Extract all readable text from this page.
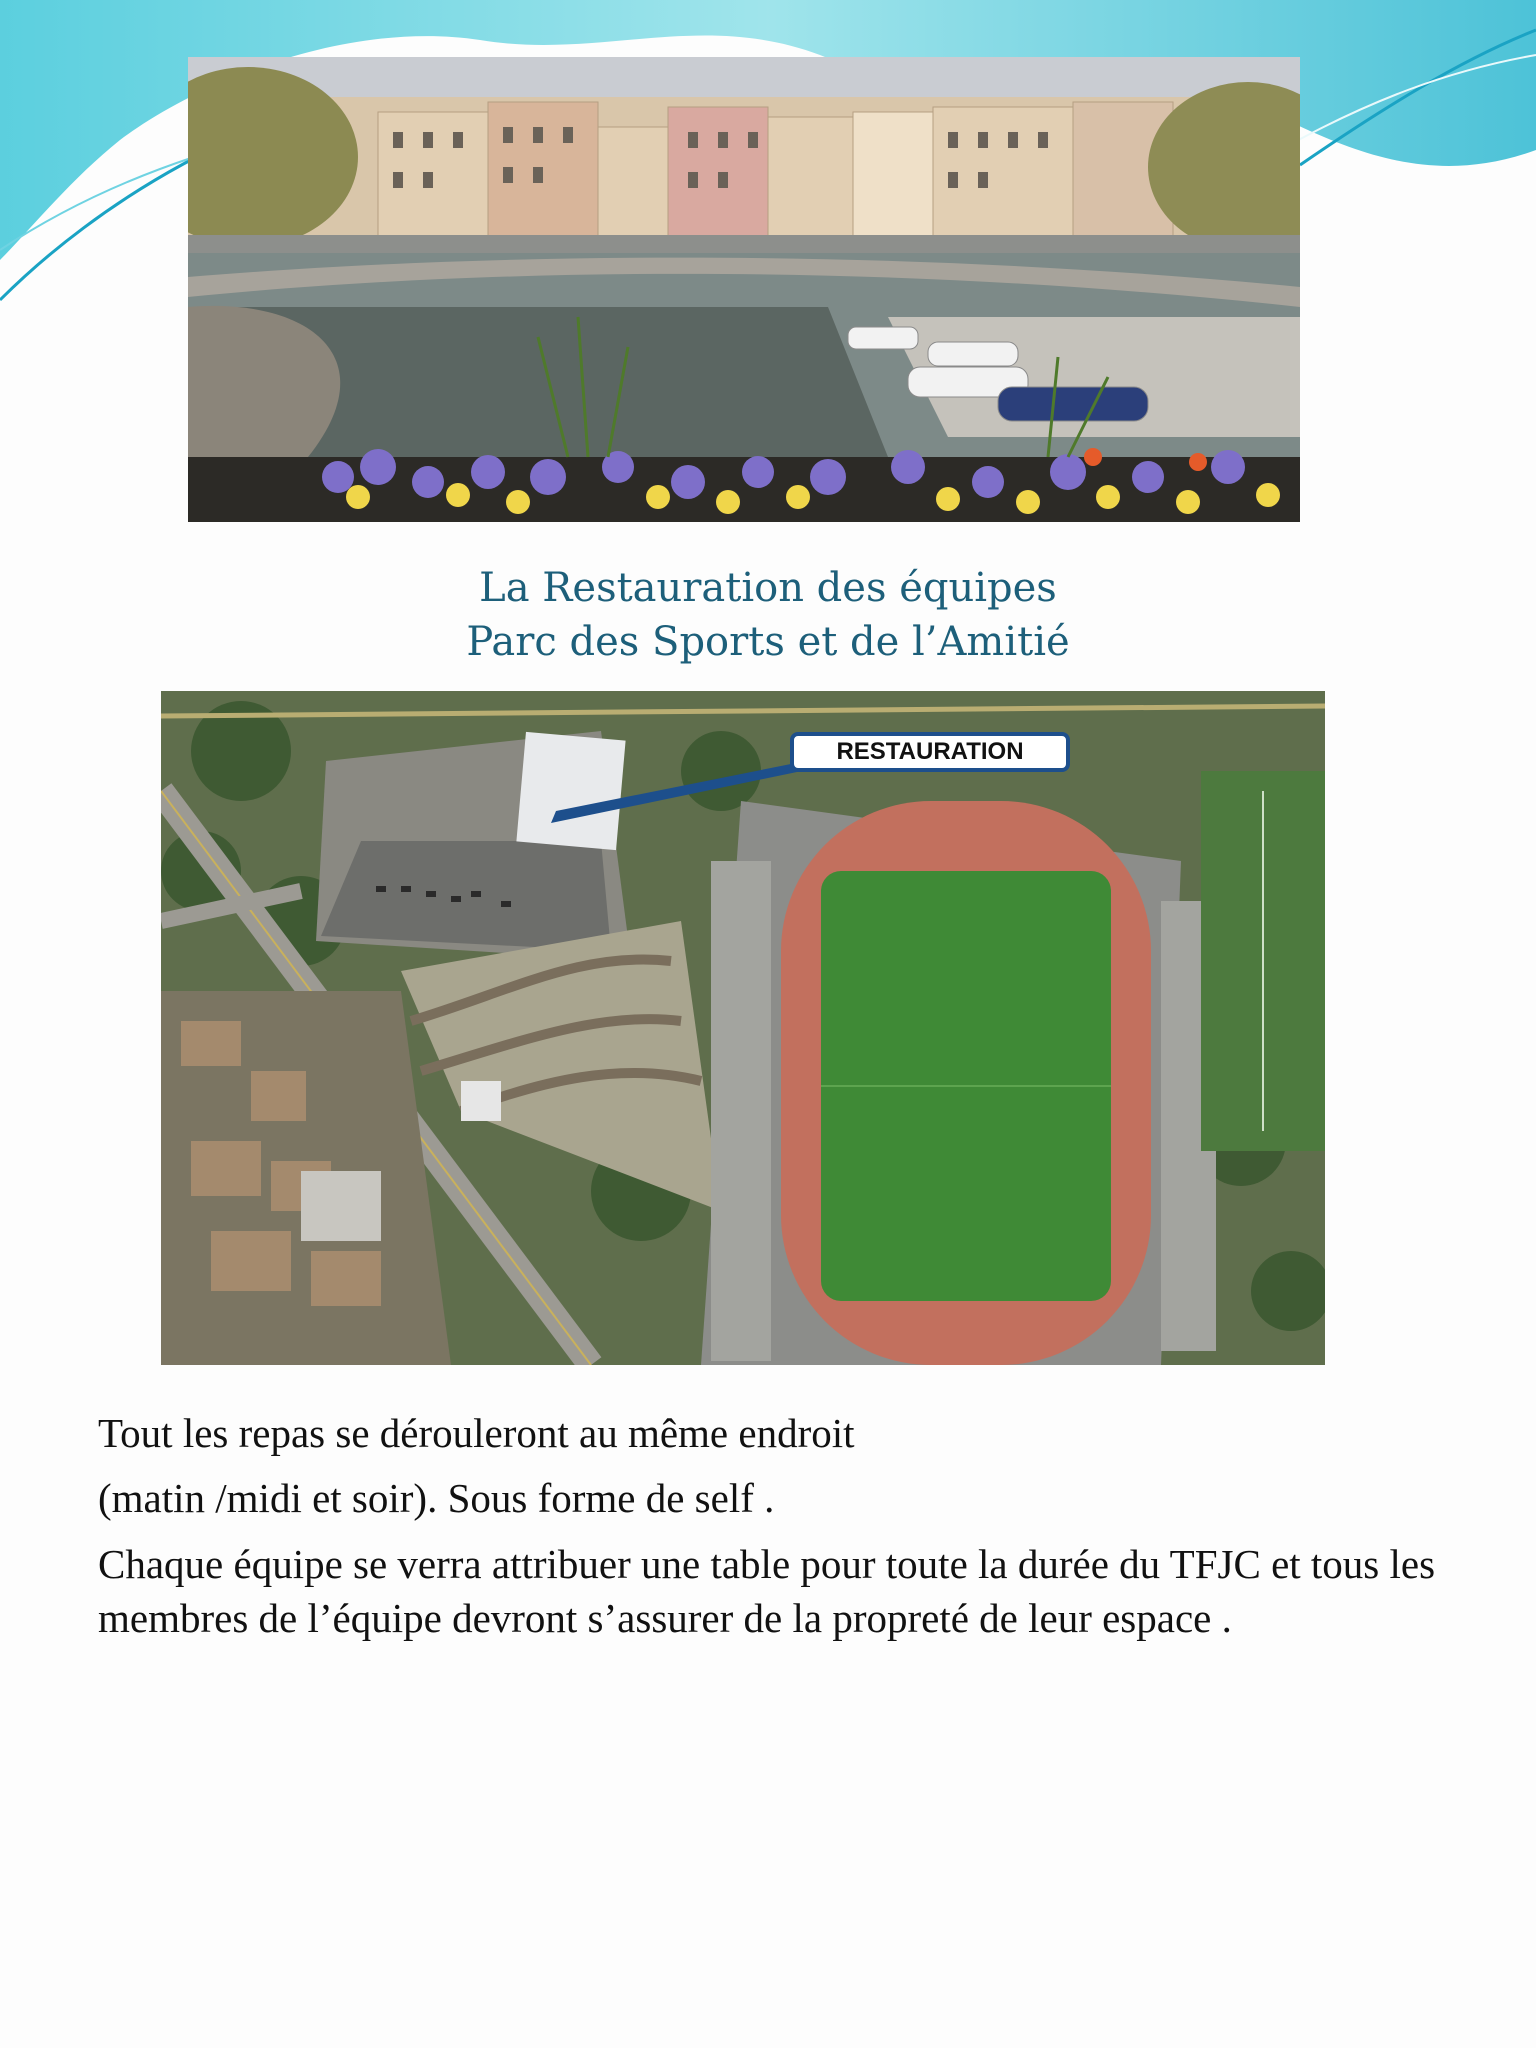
La Restauration des équipes
Parc des Sports et de l’Amitié
RESTAURATION
Tout les repas se dérouleront au même endroit
(matin /midi et soir). Sous forme de self .
Chaque équipe se verra attribuer une table pour toute la durée du TFJC et tous les membres de l’équipe devront s’assurer de la propreté de leur espace .
